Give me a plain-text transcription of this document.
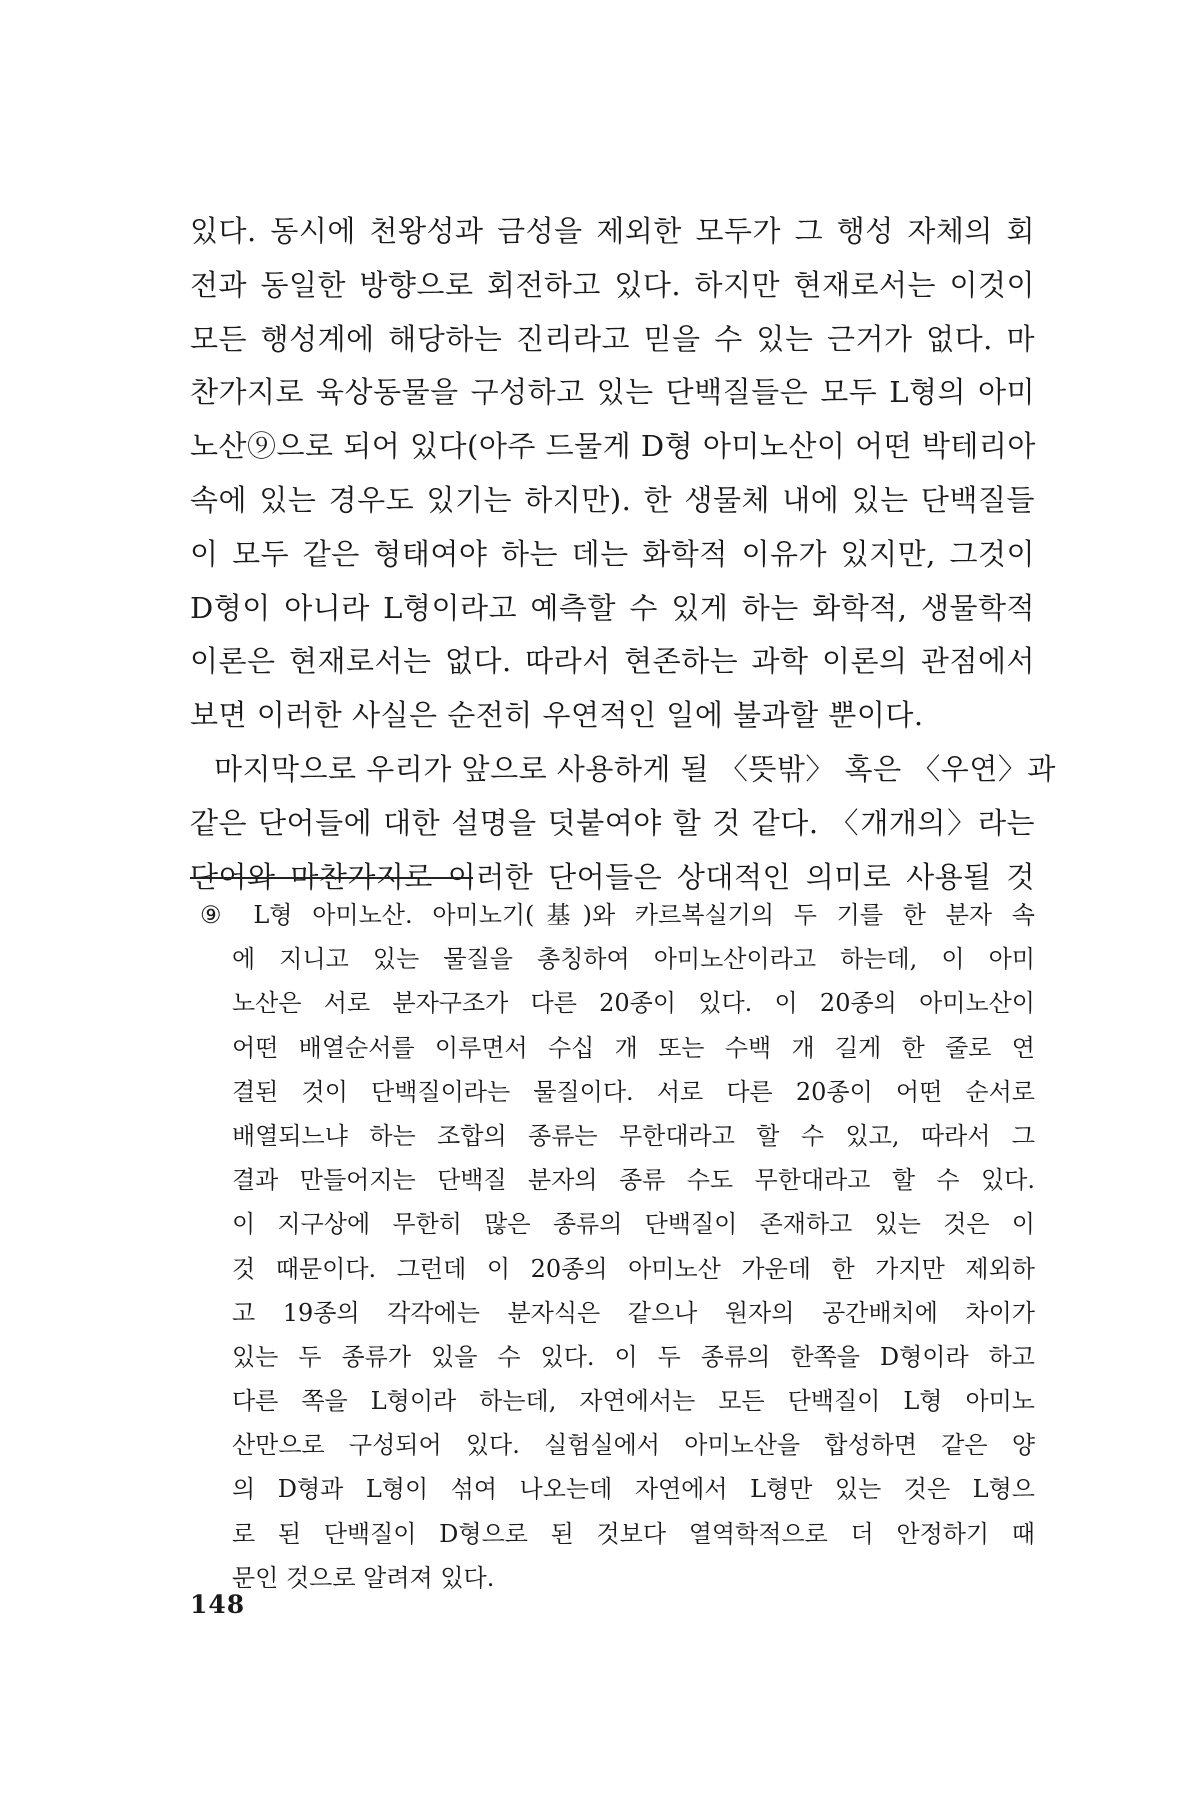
있다. 동시에 천왕성과 금성을 제외한 모두가 그 행성 자체의 회
전과 동일한 방향으로 회전하고 있다. 하지만 현재로서는 이것이
모든 행성계에 해당하는 진리라고 믿을 수 있는 근거가 없다. 마
찬가지로 육상동물을 구성하고 있는 단백질들은 모두 L형의 아미
노산⑨으로 되어 있다(아주 드물게 D형 아미노산이 어떤 박테리아
속에 있는 경우도 있기는 하지만). 한 생물체 내에 있는 단백질들
이 모두 같은 형태여야 하는 데는 화학적 이유가 있지만, 그것이
D형이 아니라 L형이라고 예측할 수 있게 하는 화학적, 생물학적
이론은 현재로서는 없다. 따라서 현존하는 과학 이론의 관점에서
보면 이러한 사실은 순전히 우연적인 일에 불과할 뿐이다.
마지막으로 우리가 앞으로 사용하게 될 〈뜻밖〉 혹은 〈우연〉과
같은 단어들에 대한 설명을 덧붙여야 할 것 같다. 〈개개의〉라는
단어와 마찬가지로 이러한 단어들은 상대적인 의미로 사용될 것
⑨ L형 아미노산. 아미노기(基)와 카르복실기의 두 기를 한 분자 속
에 지니고 있는 물질을 총칭하여 아미노산이라고 하는데, 이 아미
노산은 서로 분자구조가 다른 20종이 있다. 이 20종의 아미노산이
어떤 배열순서를 이루면서 수십 개 또는 수백 개 길게 한 줄로 연
결된 것이 단백질이라는 물질이다. 서로 다른 20종이 어떤 순서로
배열되느냐 하는 조합의 종류는 무한대라고 할 수 있고, 따라서 그
결과 만들어지는 단백질 분자의 종류 수도 무한대라고 할 수 있다.
이 지구상에 무한히 많은 종류의 단백질이 존재하고 있는 것은 이
것 때문이다. 그런데 이 20종의 아미노산 가운데 한 가지만 제외하
고 19종의 각각에는 분자식은 같으나 원자의 공간배치에 차이가
있는 두 종류가 있을 수 있다. 이 두 종류의 한쪽을 D형이라 하고
다른 쪽을 L형이라 하는데, 자연에서는 모든 단백질이 L형 아미노
산만으로 구성되어 있다. 실험실에서 아미노산을 합성하면 같은 양
의 D형과 L형이 섞여 나오는데 자연에서 L형만 있는 것은 L형으
로 된 단백질이 D형으로 된 것보다 열역학적으로 더 안정하기 때
문인 것으로 알려져 있다.
148
